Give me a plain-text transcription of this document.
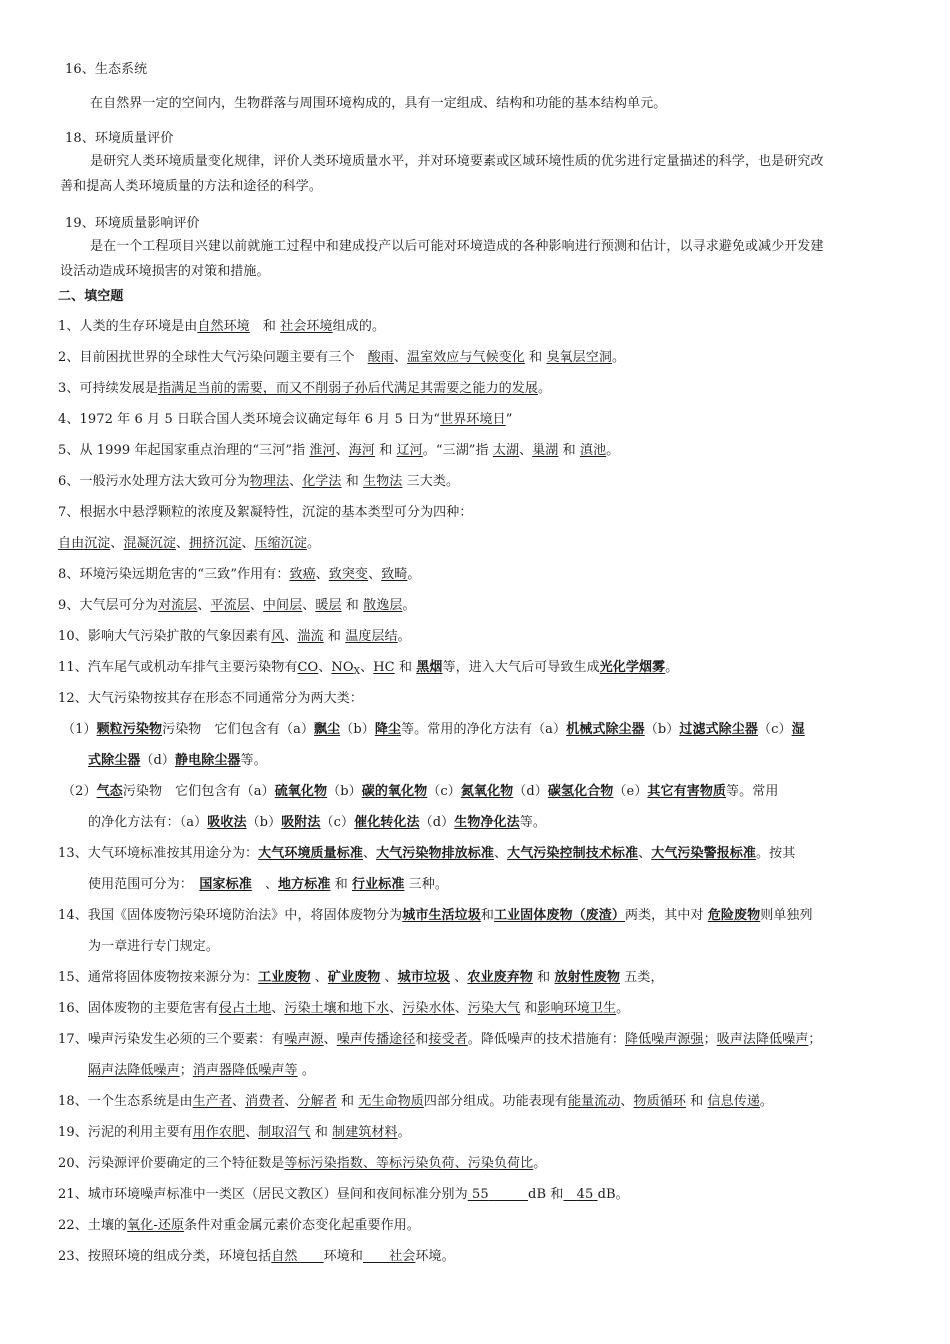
16、生态系统
在自然界一定的空间内，生物群落与周围环境构成的，具有一定组成、结构和功能的基本结构单元。
18、环境质量评价
是研究人类环境质量变化规律，评价人类环境质量水平，并对环境要素或区域环境性质的优劣进行定量描述的科学，也是研究改
善和提高人类环境质量的方法和途径的科学。
19、环境质量影响评价
是在一个工程项目兴建以前就施工过程中和建成投产以后可能对环境造成的各种影响进行预测和估计，以寻求避免或减少开发建
设活动造成环境损害的对策和措施。
二、填空题
1、人类的生存环境是由自然环境　 和 社会环境组成的。
2、目前困扰世界的全球性大气污染问题主要有三个　 酸雨、温室效应与气候变化 和 臭氧层空洞。
3、可持续发展是指满足当前的需要，而又不削弱子孙后代满足其需要之能力的发展。
4、1972 年 6 月 5 日联合国人类环境会议确定每年 6 月 5 日为“世界环境日”
5、从 1999 年起国家重点治理的“三河”指 淮河、海河 和 辽河。“三湖”指 太湖、巢湖 和 滇池。
6、一般污水处理方法大致可分为物理法、化学法 和 生物法 三大类。
7、根据水中悬浮颗粒的浓度及絮凝特性，沉淀的基本类型可分为四种：
自由沉淀、混凝沉淀、拥挤沉淀、压缩沉淀。
8、环境污染远期危害的“三致”作用有：致癌、致突变、致畸。
9、大气层可分为对流层、平流层、中间层、暖层 和 散逸层。
10、影响大气污染扩散的气象因素有风、湍流 和 温度层结。
11、汽车尾气或机动车排气主要污染物有CO、$NO_X$、HC 和 黑烟等，进入大气后可导致生成光化学烟雾。
12、大气污染物按其存在形态不同通常分为两大类：
（1）颗粒污染物污染物　它们包含有（a）飘尘（b）降尘等。常用的净化方法有（a）机械式除尘器（b）过滤式除尘器（c）湿
式除尘器（d）静电除尘器等。
（2）气态污染物　它们包含有（a）硫氧化物（b）碳的氧化物（c）氮氧化物（d）碳氢化合物（e）其它有害物质等。常用
的净化方法有：（a）吸收法（b）吸附法（c）催化转化法（d）生物净化法等。
13、大气环境标准按其用途分为：大气环境质量标准、大气污染物排放标准、大气污染控制技术标准、大气污染警报标准。按其
使用范围可分为：　 国家标准　 、地方标准 和 行业标准 三种。
14、我国《固体废物污染环境防治法》中，将固体废物分为城市生活垃圾和工业固体废物（废渣）两类，其中对 危险废物则单独列
为一章进行专门规定。
15、通常将固体废物按来源分为：工业废物 、矿业废物 、城市垃圾 、农业废弃物 和 放射性废物 五类，
16、固体废物的主要危害有侵占土地、污染土壤和地下水、污染水体、污染大气 和影响环境卫生。
17、噪声污染发生必须的三个要素：有噪声源、噪声传播途径和接受者。降低噪声的技术措施有：降低噪声源强；吸声法降低噪声；
隔声法降低噪声；消声器降低噪声等 。
18、一个生态系统是由生产者、消费者、分解者 和 无生命物质四部分组成。功能表现有能量流动、物质循环 和 信息传递。
19、污泥的利用主要有用作农肥、制取沼气 和 制建筑材料。
20、污染源评价要确定的三个特征数是等标污染指数、等标污染负荷、污染负荷比。
21、城市环境噪声标准中一类区（居民文教区）昼间和夜间标准分别为 55　　　	dB 和　 45 dB。
22、土壤的氧化-还原条件对重金属元素价态变化起重要作用。
23、按照环境的组成分类，环境包括自然　　 环境和　　 社会环境。
